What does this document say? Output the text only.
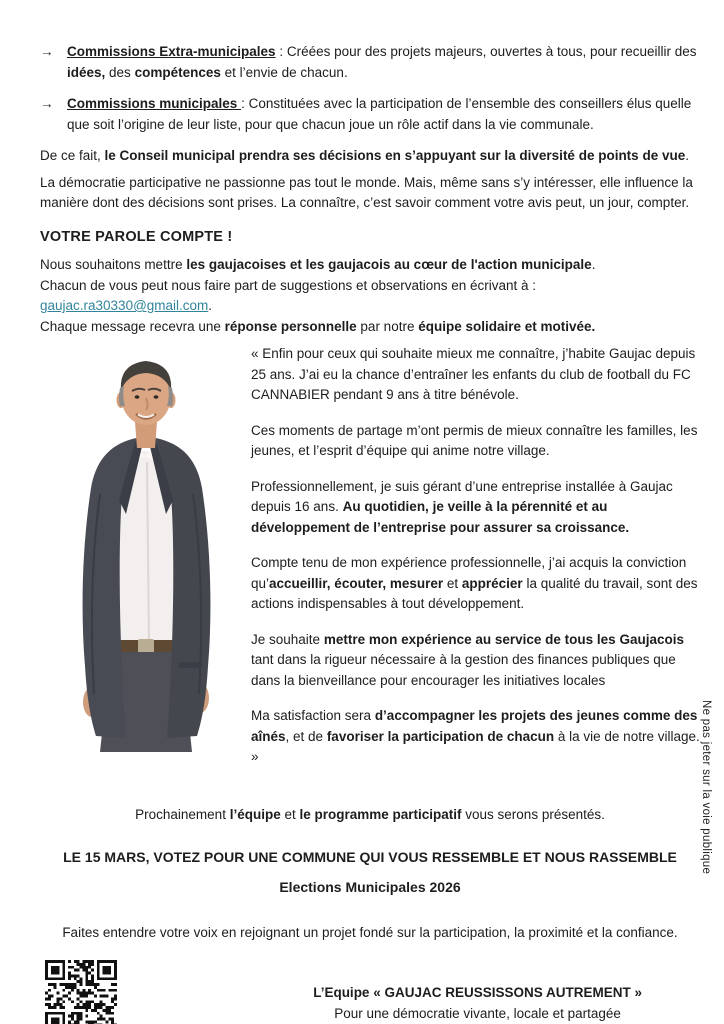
→	Commissions Extra-municipales : Créées pour des projets majeurs, ouvertes à tous, pour recueillir des idées, des compétences et l’envie de chacun.

→	Commissions municipales : Constituées avec la participation de l’ensemble des conseillers élus quelle que soit l’origine de leur liste, pour que chacun joue un rôle actif dans la vie communale.

De ce fait, le Conseil municipal prendra ses décisions en s’appuyant sur la diversité de points de vue.

La démocratie participative ne passionne pas tout le monde. Mais, même sans s’y intéresser, elle influence la manière dont des décisions sont prises. La connaître, c’est savoir comment votre avis peut, un jour, compter.

VOTRE PAROLE COMPTE !

Nous souhaitons mettre les gaujacoises et les gaujacois au cœur de l'action municipale.

Chacun de vous peut nous faire part de suggestions et observations en écrivant à : gaujac.ra30330@gmail.com.

Chaque message recevra une réponse personnelle par notre équipe solidaire et motivée.

« Enfin pour ceux qui souhaite mieux me connaître, j’habite Gaujac depuis 25 ans. J’ai eu la chance d’entraîner les enfants du club de football du FC CANNABIER pendant 9 ans à titre bénévole.

Ces moments de partage m’ont permis de mieux connaître les familles, les jeunes, et l’esprit d’équipe qui anime notre village.

Professionnellement, je suis gérant d’une entreprise installée à Gaujac depuis 16 ans. Au quotidien, je veille à la pérennité et au développement de l’entreprise pour assurer sa croissance.

Compte tenu de mon expérience professionnelle, j’ai acquis la conviction qu’accueillir, écouter, mesurer et apprécier la qualité du travail, sont des actions indispensables à tout développement.

Je souhaite mettre mon expérience au service de tous les Gaujacois tant dans la rigueur nécessaire à la gestion des finances publiques que dans la bienveillance pour encourager les initiatives locales

Ma satisfaction sera d’accompagner les projets des jeunes comme des aînés, et de favoriser la participation de chacun à la vie de notre village. »

Prochainement l’équipe et le programme participatif vous serons présentés.

LE 15 MARS, VOTEZ POUR UNE COMMUNE QUI VOUS RESSEMBLE ET NOUS RASSEMBLE

Elections Municipales 2026

Faites entendre votre voix en rejoignant un projet fondé sur la participation, la proximité et la confiance.

L’Equipe « GAUJAC REUSSISSONS AUTREMENT »

Pour une démocratie vivante, locale et partagée

Ne pas jeter sur la voie publique
